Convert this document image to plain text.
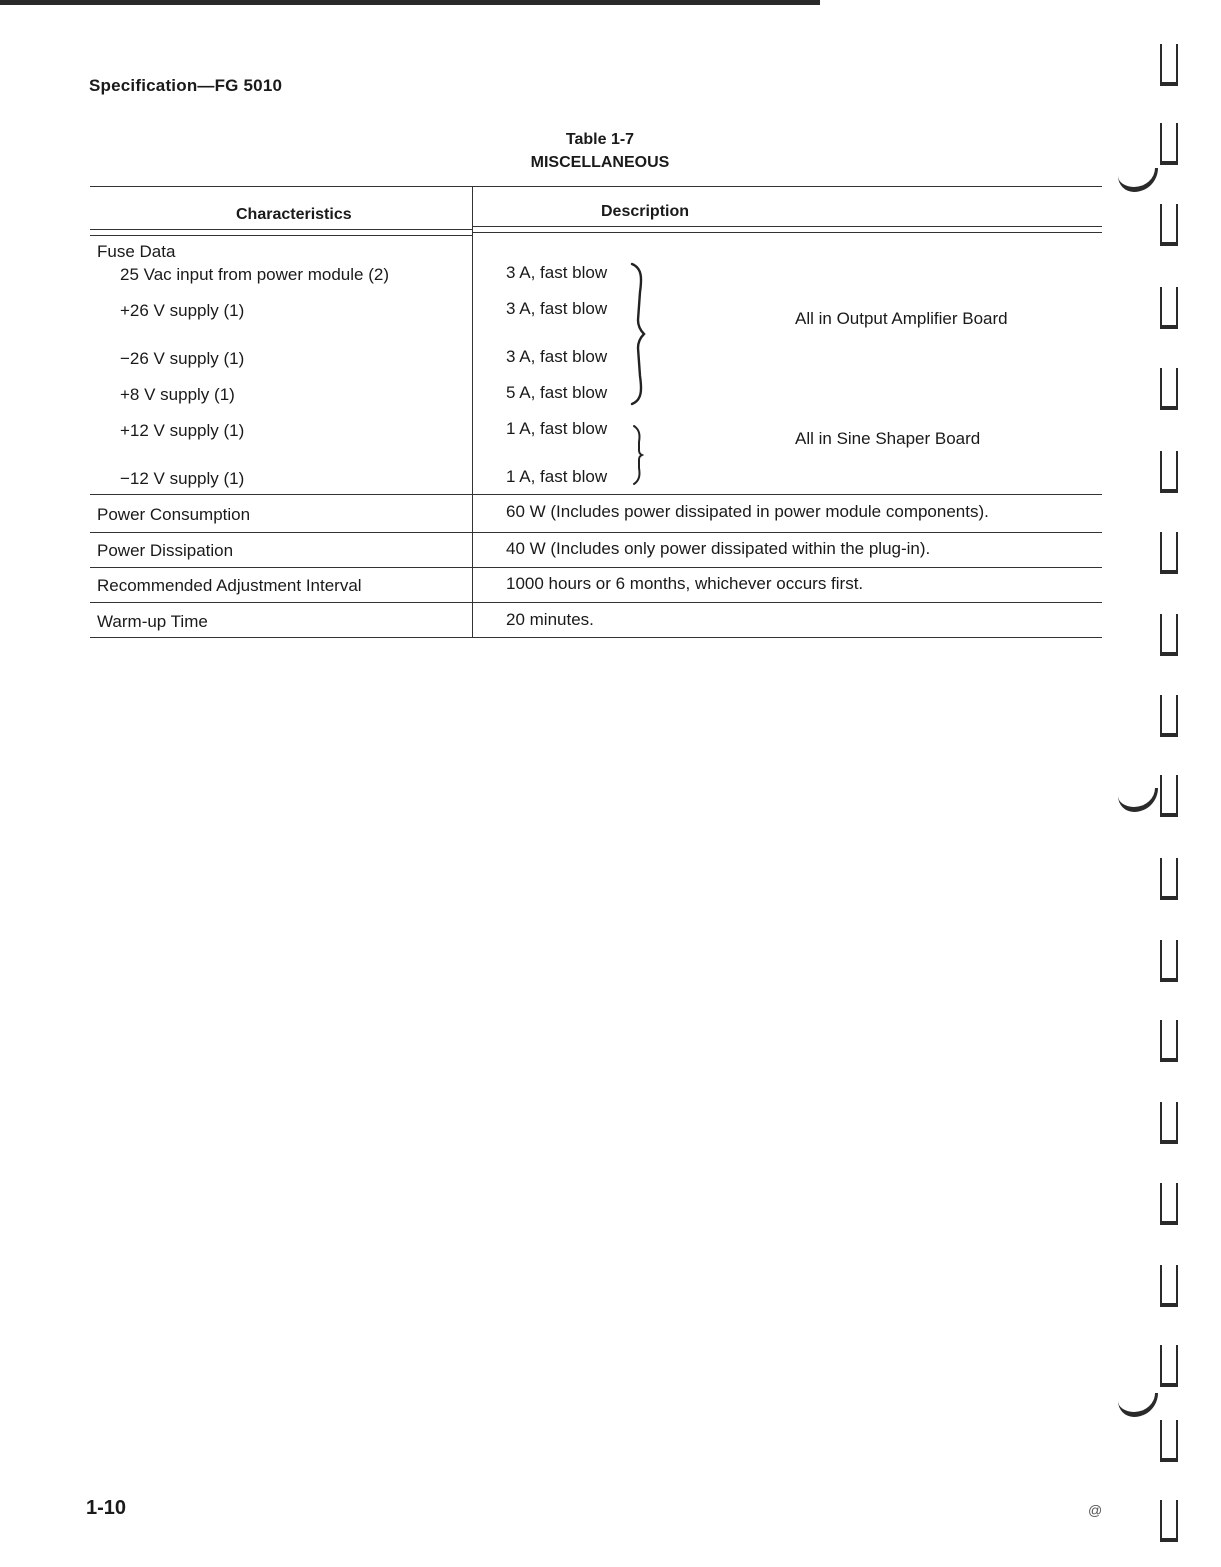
Specification—FG 5010
Table 1-7
MISCELLANEOUS
Characteristics	Description
Fuse Data
25 Vac input from power module (2)	3 A, fast blow
+26 V supply (1)	3 A, fast blow
−26 V supply (1)	3 A, fast blow
+8 V supply (1)	5 A, fast blow
+12 V supply (1)	1 A, fast blow
−12 V supply (1)	1 A, fast blow
All in Output Amplifier Board
All in Sine Shaper Board
Power Consumption	60 W (Includes power dissipated in power module components).
Power Dissipation	40 W (Includes only power dissipated within the plug-in).
Recommended Adjustment Interval	1000 hours or 6 months, whichever occurs first.
Warm-up Time	20 minutes.
1-10	@
